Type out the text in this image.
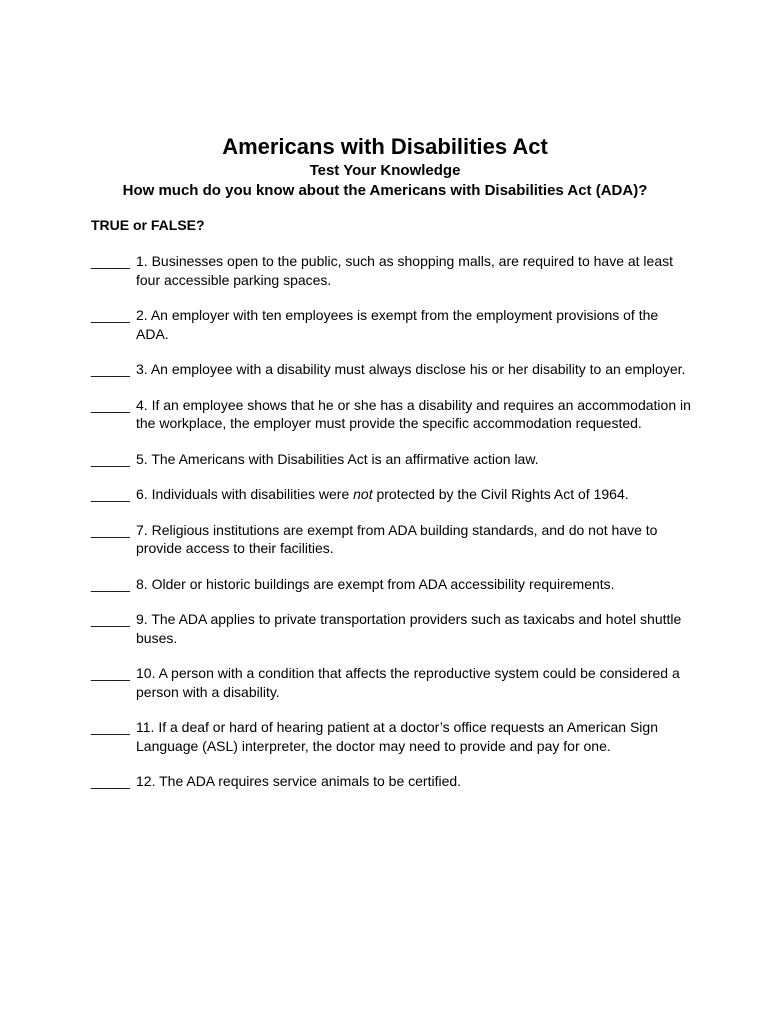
Americans with Disabilities Act
Test Your Knowledge
How much do you know about the Americans with Disabilities Act (ADA)?
TRUE or FALSE?
_____ 1. Businesses open to the public, such as shopping malls, are required to have at least four accessible parking spaces.
_____ 2. An employer with ten employees is exempt from the employment provisions of the ADA.
_____ 3. An employee with a disability must always disclose his or her disability to an employer.
_____ 4. If an employee shows that he or she has a disability and requires an accommodation in the workplace, the employer must provide the specific accommodation requested.
_____ 5. The Americans with Disabilities Act is an affirmative action law.
_____ 6. Individuals with disabilities were not protected by the Civil Rights Act of 1964.
_____ 7. Religious institutions are exempt from ADA building standards, and do not have to provide access to their facilities.
_____ 8. Older or historic buildings are exempt from ADA accessibility requirements.
_____ 9. The ADA applies to private transportation providers such as taxicabs and hotel shuttle buses.
_____ 10. A person with a condition that affects the reproductive system could be considered a person with a disability.
_____ 11. If a deaf or hard of hearing patient at a doctor’s office requests an American Sign Language (ASL) interpreter, the doctor may need to provide and pay for one.
_____ 12. The ADA requires service animals to be certified.
